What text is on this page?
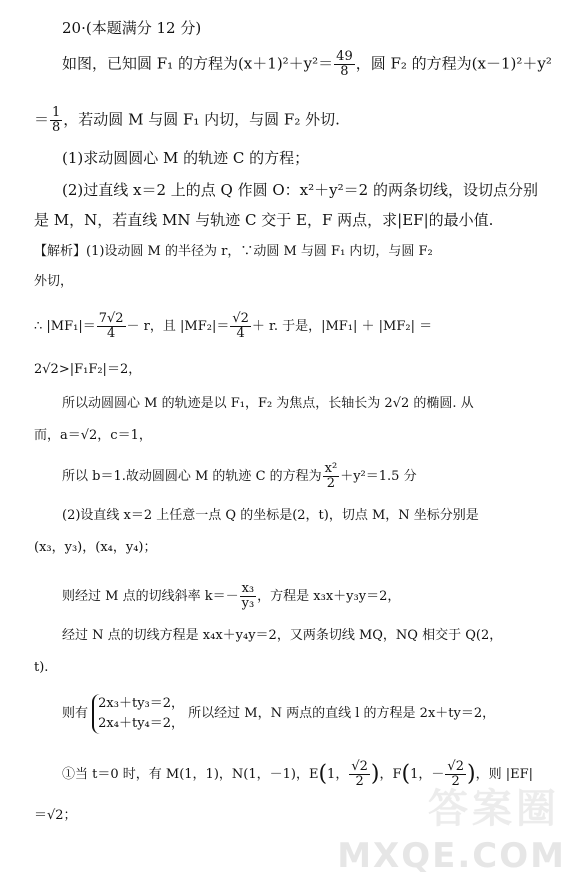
20·(本题满分 12 分)
如图，已知圆 F₁ 的方程为$(x+1)^2+y^2= \frac{49}{8}$ ，圆 F₂ 的方程为(x－1)²＋y²
＝ $\frac{1}{8}$ ，若动圆 M 与圆 F₁ 内切，与圆 F₂ 外切.
(1)求动圆圆心 M 的轨迹 C 的方程；
(2)过直线 x＝2 上的点 Q 作圆 O：x²＋y²＝2 的两条切线，设切点分别
是 M，N，若直线 MN 与轨迹 C 交于 E，F 两点，求|EF|的最小值.
【解析】(1)设动圆 M 的半径为 r，∵动圆 M 与圆 F₁ 内切，与圆 F₂
外切，
∴ $|MF_1|= \frac{7√2}{4} - r$，且 $|MF_2|= \frac{√2}{4} + r$. 于是，|MF₁| ＋ |MF₂| ＝
2√2>|F₁F₂|＝2，
所以动圆圆心 M 的轨迹是以 F₁，F₂ 为焦点，长轴长为 2√2 的椭圆. 从
而，a＝√2，c＝1，
所以 b＝1.故动圆圆心 M 的轨迹 C 的方程为 $\frac{\text{x²}}{2} +y^2=1.5$ 分
(2)设直线 x＝2 上任意一点 Q 的坐标是(2，t)，切点 M，N 坐标分别是
(x₃，y₃)，(x₄，y₄)；
则经过 M 点的切线斜率 $k=- \frac{\text{x₃}}{\text{y₃}}$ ，方程是 x₃x＋y₃y＝2，
经过 N 点的切线方程是 x₄x＋y₄y＝2，又两条切线 MQ，NQ 相交于 Q(2，
t).
则有
2x₃＋ty₃＝2，
2x₄＋ty₄＝2，
所以经过 M，N 两点的直线 l 的方程是 2x＋ty＝2，
①当 t＝0 时，有 M(1，1)，N(1，－1)，E(1， $\frac{√2}{2}$ )，F(1，－ $\frac{√2}{2}$ )，则 |EF|
＝√2；	答案圈
MXQE.COM
